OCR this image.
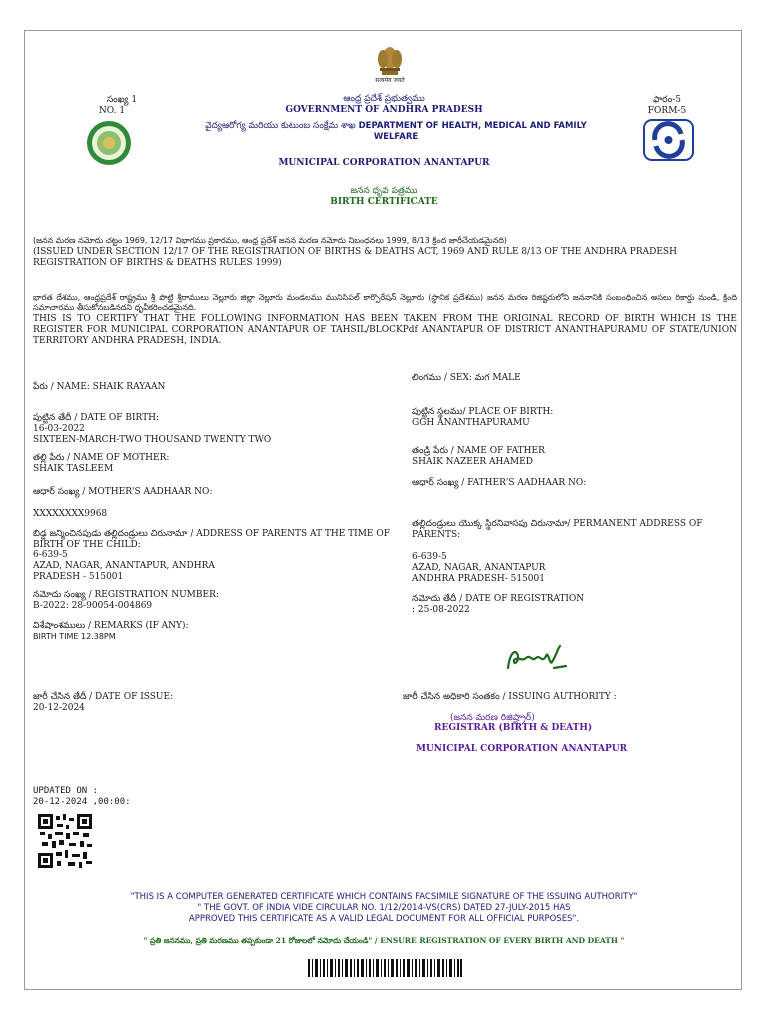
सत्यमेव जयते
సంఖ్య 1
NO. 1
ఆంధ్ర ప్రదేశ్ ప్రభుత్వము
GOVERNMENT OF ANDHRA PRADESH
వైద్యఆరోగ్య మరియు కుటుంబ సంక్షేమ శాఖ DEPARTMENT OF HEALTH, MEDICAL AND FAMILY WELFARE
ఫారం-5
FORM-5
MUNICIPAL CORPORATION ANANTAPUR
జనన ధృవ పత్రము
BIRTH CERTIFICATE
(జనన మరణ నమోదు చట్టం 1969, 12/17 విభాగము ప్రకారము, ఆంధ్ర ప్రదేశ్ జనన మరణ నమోదు నిబంధనలు 1999, 8/13 క్రింద జారీచేయడమైనది)
(ISSUED UNDER SECTION 12/17 OF THE REGISTRATION OF BIRTHS & DEATHS ACT, 1969 AND RULE 8/13 OF THE ANDHRA PRADESH REGISTRATION OF BIRTHS & DEATHS RULES 1999)
భారత దేశము, ఆంధ్రప్రదేశ్ రాష్ట్రము శ్రీ పొట్టి శ్రీరాములు నెల్లూరు జిల్లా నెల్లూరు మండలము మునిసిపల్ కార్పొరేషన్ నెల్లూరు (స్థానిక ప్రదేశము) జనన మరణ రిజిష్టరులోని జననానికి సంబంధించిన అసలు రికార్డు నుండి, క్రింది సమాచారము తీసుకోనబడినదని ధృవీకరించడమైనది.
THIS IS TO CERTIFY THAT THE FOLLOWING INFORMATION HAS BEEN TAKEN FROM THE ORIGINAL RECORD OF BIRTH WHICH IS THE REGISTER FOR MUNICIPAL CORPORATION ANANTAPUR OF TAHSIL/BLOCKPdf ANANTAPUR OF DISTRICT ANANTHAPURAMU OF STATE/UNION TERRITORY ANDHRA PRADESH, INDIA.
పేరు / NAME: SHAIK RAYAAN
పుట్టిన తేదీ / DATE OF BIRTH:
16-03-2022
SIXTEEN-MARCH-TWO THOUSAND TWENTY TWO
తల్లి పేరు / NAME OF MOTHER:
SHAIK TASLEEM
ఆధార్ సంఖ్య / MOTHER'S AADHAAR NO:
XXXXXXXX9968
బిడ్డ జన్మించినపుడు తల్లిదండ్రులు చిరునామా / ADDRESS OF PARENTS AT THE TIME OF BIRTH OF THE CHILD:
6-639-5
AZAD, NAGAR, ANANTAPUR, ANDHRA
PRADESH - 515001
నమోదు సంఖ్య / REGISTRATION NUMBER:
B-2022: 28-90054-004869
విశేషాంశములు / REMARKS (IF ANY):
BIRTH TIME 12.38PM
లింగము / SEX: మగ MALE
పుట్టిన స్థలము/ PLACE OF BIRTH:
GGH ANANTHAPURAMU
తండ్రి పేరు / NAME OF FATHER
SHAIK NAZEER AHAMED
ఆధార్ సంఖ్య / FATHER'S AADHAAR NO:
తల్లిదండ్రులు యొక్క స్థిరనివాసపు చిరునామా/ PERMANENT ADDRESS OF PARENTS:
6-639-5
AZAD, NAGAR, ANANTAPUR
ANDHRA PRADESH- 515001
నమోదు తేదీ / DATE OF REGISTRATION
: 25-08-2022
జారీ చేసిన తేదీ / DATE OF ISSUE:
20-12-2024
జారీ చేసిన అధికారి సంతకం / ISSUING AUTHORITY :
(జనన మరణ రిజిష్ట్రార్)
REGISTRAR (BIRTH & DEATH)
MUNICIPAL CORPORATION ANANTAPUR
UPDATED ON :
20-12-2024 ,00:00:
"THIS IS A COMPUTER GENERATED CERTIFICATE WHICH CONTAINS FACSIMILE SIGNATURE OF THE ISSUING AUTHORITY"
" THE GOVT. OF INDIA VIDE CIRCULAR NO. 1/12/2014-VS(CRS) DATED 27-JULY-2015 HAS
APPROVED THIS CERTIFICATE AS A VALID LEGAL DOCUMENT FOR ALL OFFICIAL PURPOSES".
" ప్రతి జననము, ప్రతి మరణము తప్పకుండా 21 రోజులలో నమోదు చేయండి" / ENSURE REGISTRATION OF EVERY BIRTH AND DEATH "
